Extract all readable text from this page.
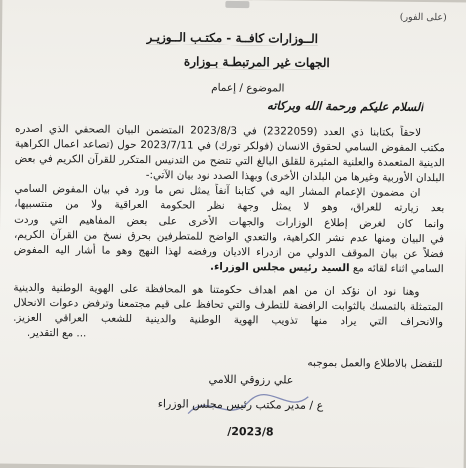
(على الفور)
الــوزارات كافــة - مكتـب الــوزيـر
الجهات غير المرتبطـة بـوزارة
الموضوع / إعمام
السلام عليكم ورحمة الله وبركاته
لاحقاً بكتابنا ذي العدد (2322059) في 2023/8/3 المتضمن البيان الصحفي الذي اصدره
مكتب المفوض السامي لحقوق الانسان (فولكر تورك) في 2023/7/11 حول (تصاعد اعمال الكراهية
الدينية المتعمدة والعلنية المثيرة للقلق البالغ التي تتضح من التدنيس المتكرر للقرآن الكريم في بعض
البلدان الأوربية وغيرها من البلدان الأخرى) وبهذا الصدد نود بيان الآتي:-
ان مضمون الإعمام المشار اليه في كتابنا آنفاً يمثل نص ما ورد في بيان المفوض السامي
بعد زيارته للعراق، وهو لا يمثل وجهة نظر الحكومة العراقية ولا من منتسبيها،
وانما كان لغرض إطلاع الوزارات والجهات الأخرى على بعض المفاهيم التي وردت
في البيان ومنها عدم نشر الكراهية، والتعدي الواضح للمتطرفين بحرق نسخ من القرآن الكريم،
فضلاً عن بيان الموقف الدولي من ازدراء الاديان ورفضه لهذا النهج وهو ما أشار اليه المفوض
السامي اثناء لقائه مع السيد رئيس مجلس الوزراء.
وهنا نود ان نؤكد ان من اهم اهداف حكومتنا هو المحافظة على الهوية الوطنية والدينية
المتمثلة بالتمسك بالثوابت الرافضة للتطرف والتي تحافظ على قيم مجتمعنا وترفض دعوات الانحلال
والانحراف التي يراد منها تذويب الهوية الوطنية والدينية للشعب العراقي العزيز.
... مع التقدير.
للتفضل بالاطلاع والعمل بموجبه
علي رزوقي اللامي
ع / مدير مكتب رئيس مجلس الوزراء
2023/8/
